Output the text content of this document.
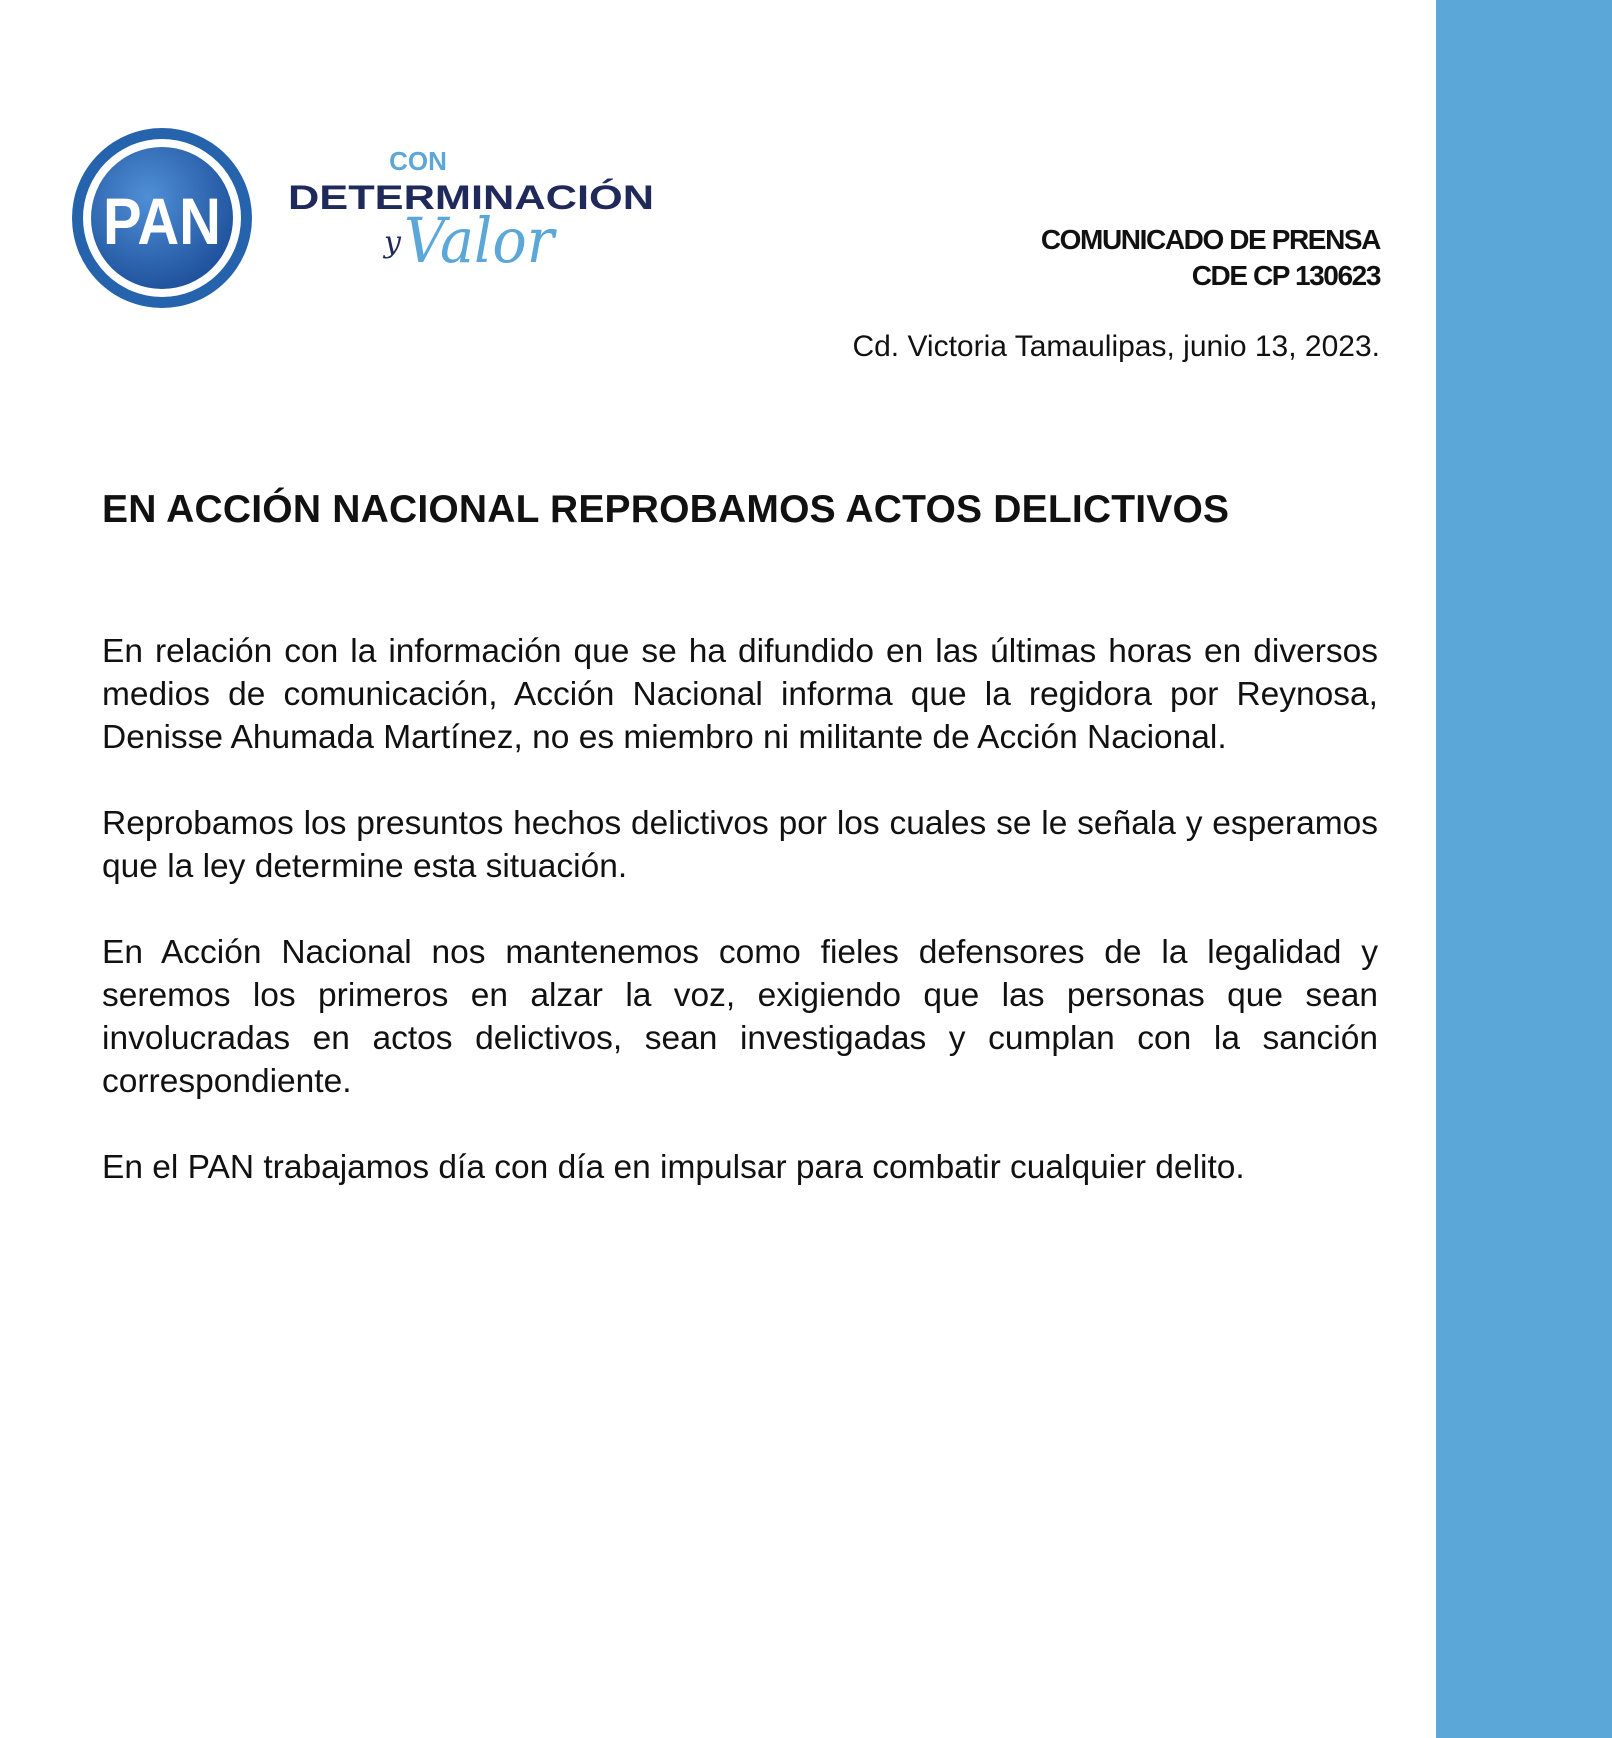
PAN
CON
DETERMINACIÓN
y Valor	COMUNICADO DE PRENSA
CDE CP 130623
Cd. Victoria Tamaulipas, junio 13, 2023.
EN ACCIÓN NACIONAL REPROBAMOS ACTOS DELICTIVOS

En relación con la información que se ha difundido en las últimas horas en diversos medios de comunicación, Acción Nacional informa que la regidora por Reynosa, Denisse Ahumada Martínez, no es miembro ni militante de Acción Nacional.

Reprobamos los presuntos hechos delictivos por los cuales se le señala y esperamos que la ley determine esta situación.

En Acción Nacional nos mantenemos como fieles defensores de la legalidad y seremos los primeros en alzar la voz, exigiendo que las personas que sean involucradas en actos delictivos, sean investigadas y cumplan con la sanción correspondiente.

En el PAN trabajamos día con día en impulsar para combatir cualquier delito.
